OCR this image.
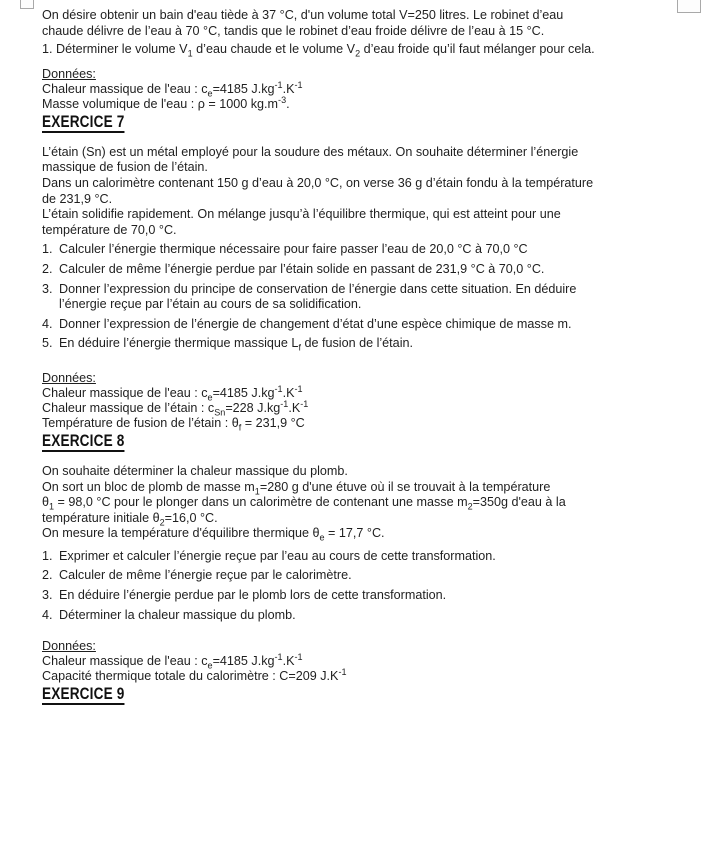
On désire obtenir un bain d'eau tiède à 37 °C, d'un volume total V=250 litres. Le robinet d’eau
chaude délivre de l’eau à 70 °C, tandis que le robinet d’eau froide délivre de l’eau à 15 °C.

1. Déterminer le volume $V_1$ d’eau chaude et le volume $V_2$ d’eau froide qu’il faut mélanger pour cela.

Données:

Chaleur massique de l'eau : $c_e=4185$ $J.kg^{-1}.K^{-1}$

Masse volumique de l'eau : ρ = 1000 $kg.m^{-3}$.

EXERCICE 7

L’étain (Sn) est un métal employé pour la soudure des métaux. On souhaite déterminer l’énergie
massique de fusion de l’étain.

Dans un calorimètre contenant 150 g d’eau à 20,0 °C, on verse 36 g d’étain fondu à la température
de 231,9 °C.

L’étain solidifie rapidement. On mélange jusqu’à l’équilibre thermique, qui est atteint pour une
température de 70,0 °C.

1. Calculer l’énergie thermique nécessaire pour faire passer l’eau de 20,0 °C à 70,0 °C
2. Calculer de même l’énergie perdue par l’étain solide en passant de 231,9 °C à 70,0 °C.
3. Donner l’expression du principe de conservation de l’énergie dans cette situation. En déduire
l’énergie reçue par l’étain au cours de sa solidification.
4. Donner l’expression de l’énergie de changement d’état d’une espèce chimique de masse m.
5. En déduire l’énergie thermique massique $L_f$ de fusion de l’étain.

Données:

Chaleur massique de l'eau : $c_e=4185$ $J.kg^{-1}.K^{-1}$

Chaleur massique de l’étain : $c_{Sn}=228$ $J.kg^{-1}.K^{-1}$

Température de fusion de l’étain : $\theta_f = 231,9$ °C

EXERCICE 8

On souhaite déterminer la chaleur massique du plomb.

On sort un bloc de plomb de masse $m_1=280$ g d'une étuve où il se trouvait à la température
$\theta_1 = 98,0$ °C pour le plonger dans un calorimètre de contenant une masse $m_2=350g$ d'eau à la
température initiale $\theta_2=16,0$ °C.

On mesure la température d'équilibre thermique $\theta_e = 17,7$ °C.

1. Exprimer et calculer l’énergie reçue par l’eau au cours de cette transformation.
2. Calculer de même l’énergie reçue par le calorimètre.
3. En déduire l’énergie perdue par le plomb lors de cette transformation.
4. Déterminer la chaleur massique du plomb.

Données:

Chaleur massique de l'eau : $c_e=4185$ $J.kg^{-1}.K^{-1}$

Capacité thermique totale du calorimètre : C=209 $J.K^{-1}$

EXERCICE 9
